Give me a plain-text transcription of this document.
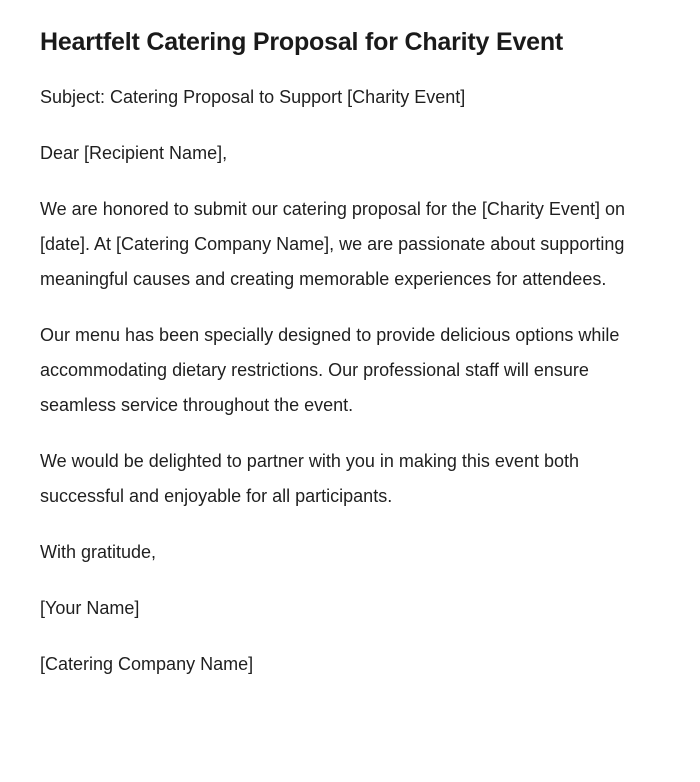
Heartfelt Catering Proposal for Charity Event

Subject: Catering Proposal to Support [Charity Event]

Dear [Recipient Name],

We are honored to submit our catering proposal for the [Charity Event] on [date]. At [Catering Company Name], we are passionate about supporting meaningful causes and creating memorable experiences for attendees.

Our menu has been specially designed to provide delicious options while accommodating dietary restrictions. Our professional staff will ensure seamless service throughout the event.

We would be delighted to partner with you in making this event both successful and enjoyable for all participants.

With gratitude,

[Your Name]

[Catering Company Name]
